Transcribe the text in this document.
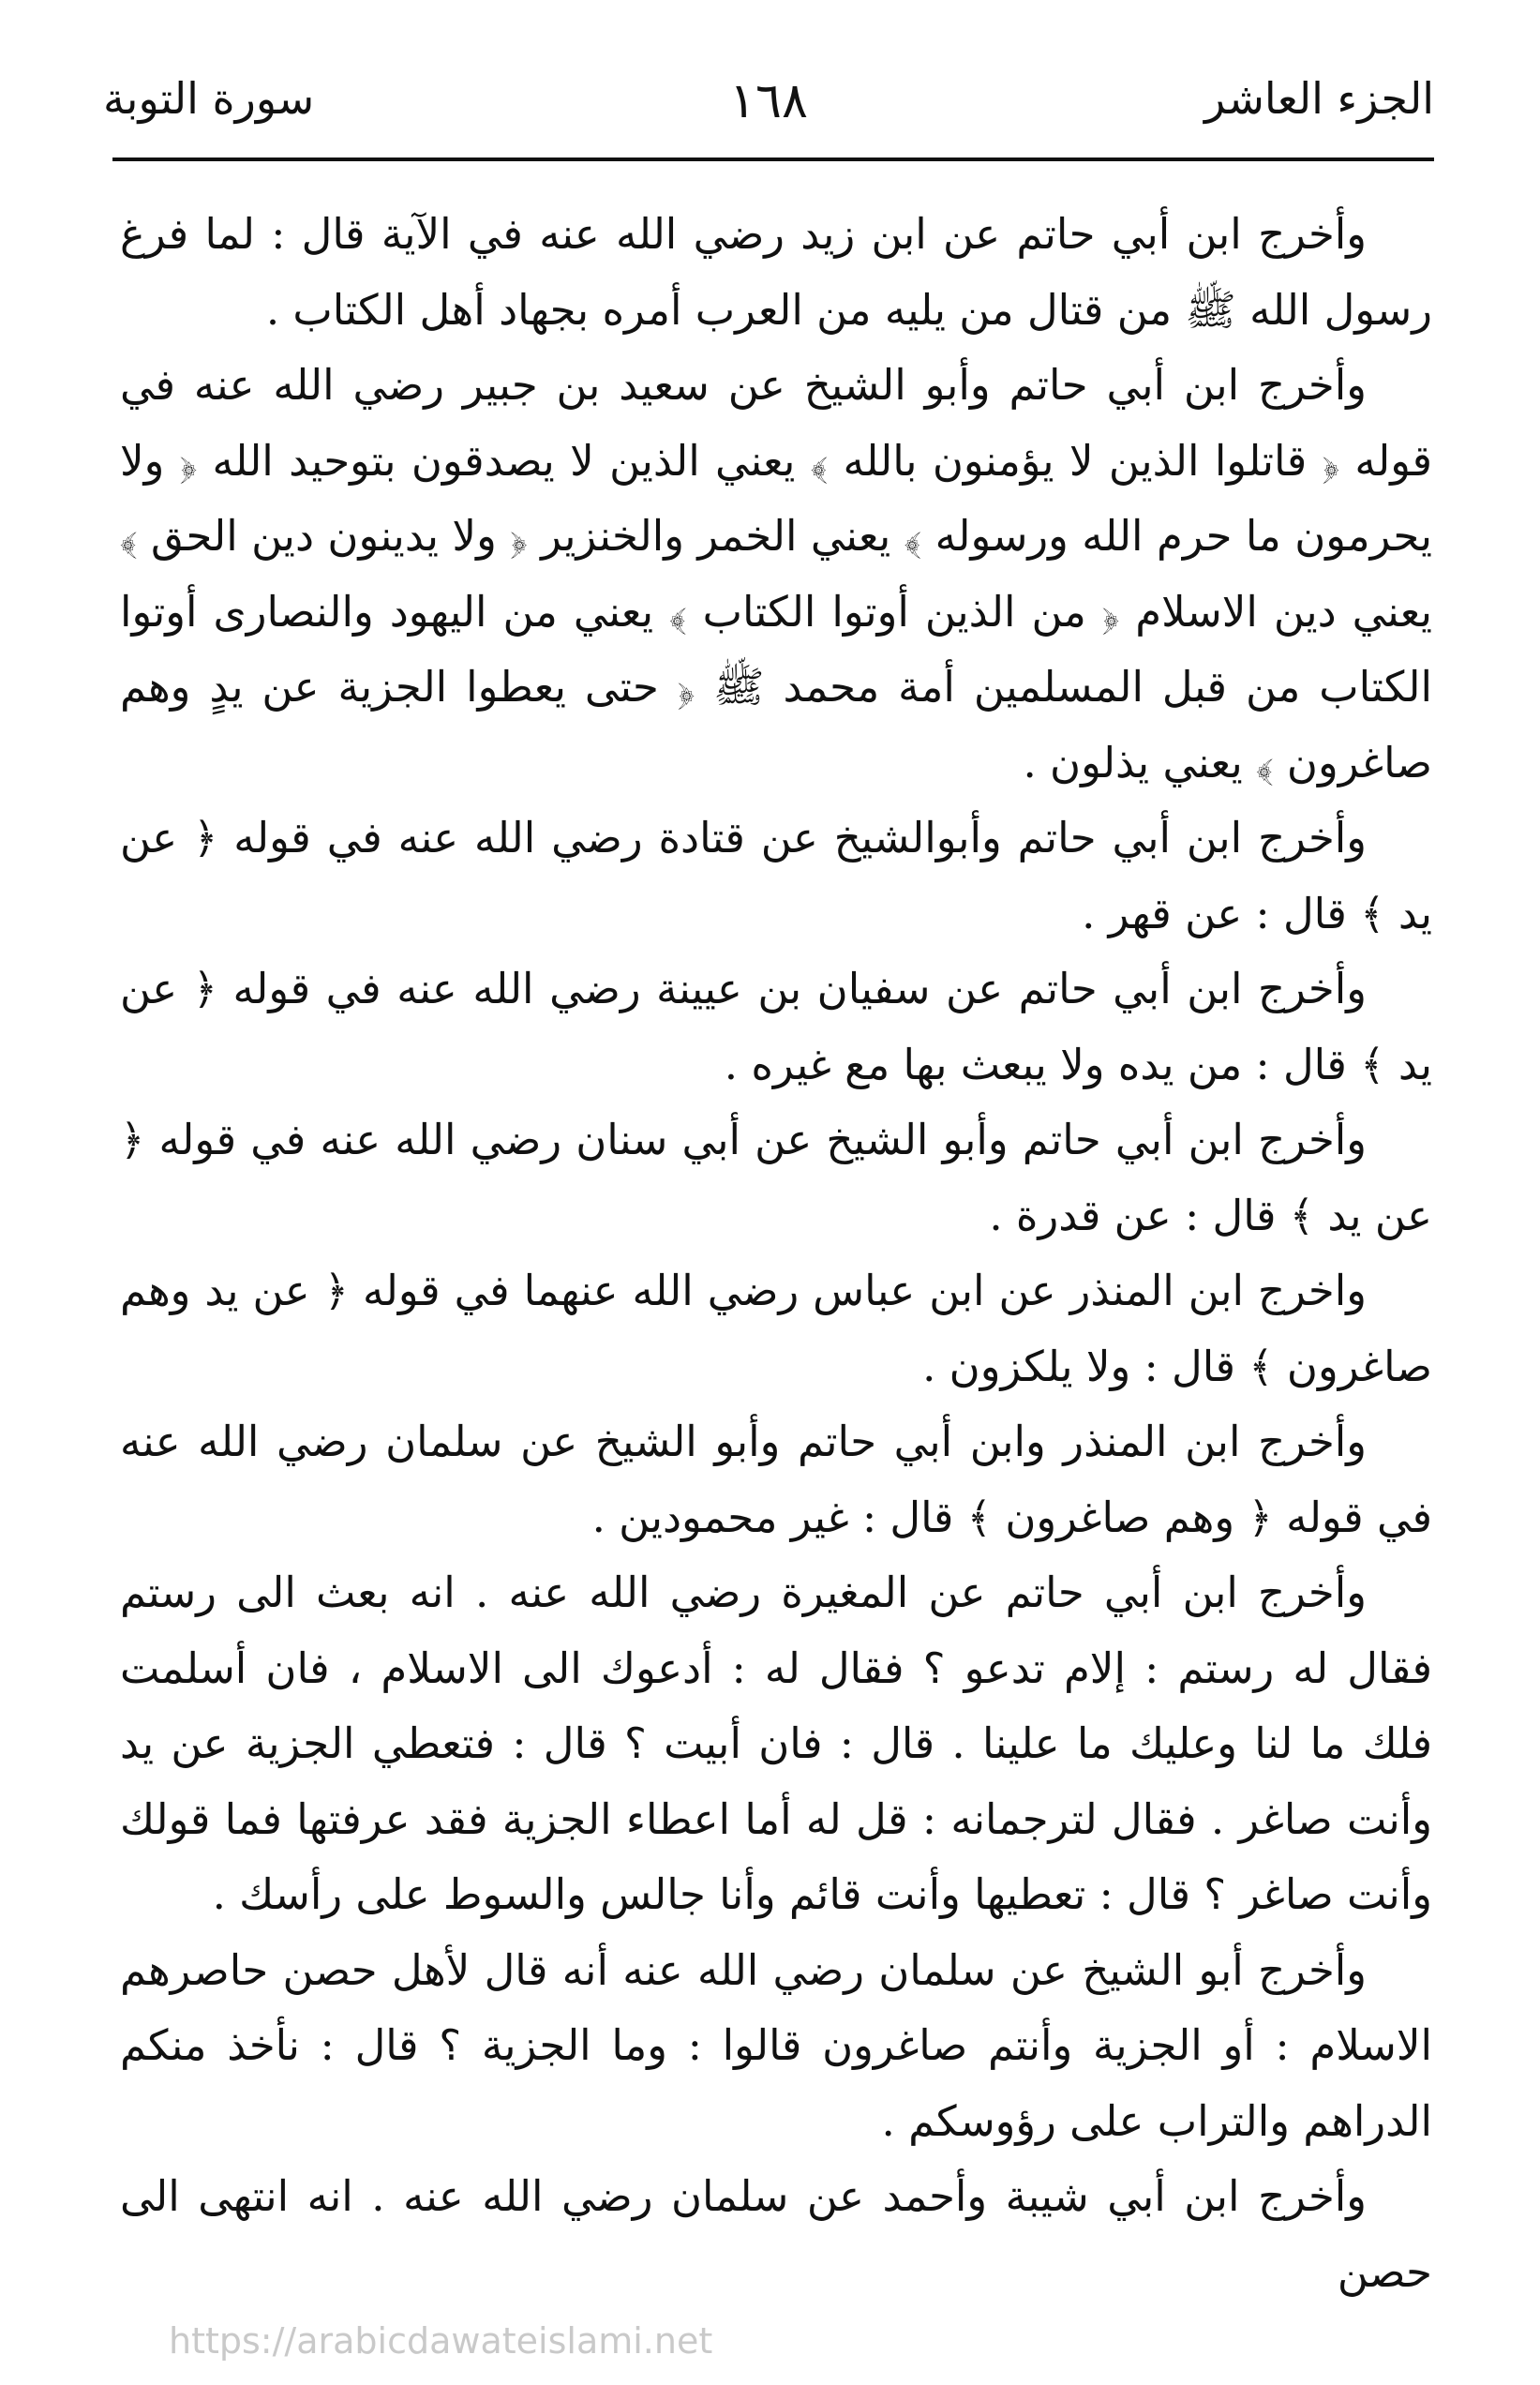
الجزء العاشر
١٦٨
سورة التوبة

وأخرج ابن أبي حاتم عن ابن زيد رضي الله عنه في الآية قال : لما فرغ رسول الله ﷺ من قتال من يليه من العرب أمره بجهاد أهل الكتاب .

وأخرج ابن أبي حاتم وأبو الشيخ عن سعيد بن جبير رضي الله عنه في قوله ﴿ قاتلوا الذين لا يؤمنون بالله ﴾ يعني الذين لا يصدقون بتوحيد الله ﴿ ولا يحرمون ما حرم الله ورسوله ﴾ يعني الخمر والخنزير ﴿ ولا يدينون دين الحق ﴾ يعني دين الاسلام ﴿ من الذين أوتوا الكتاب ﴾ يعني من اليهود والنصارى أوتوا الكتاب من قبل المسلمين أمة محمد ﷺ ﴿ حتى يعطوا الجزية عن يدٍ وهم صاغرون ﴾ يعني يذلون .

وأخرج ابن أبي حاتم وأبوالشيخ عن قتادة رضي الله عنه في قوله ﴿ عن يد ﴾ قال : عن قهر .

وأخرج ابن أبي حاتم عن سفيان بن عيينة رضي الله عنه في قوله ﴿ عن يد ﴾ قال : من يده ولا يبعث بها مع غيره .

وأخرج ابن أبي حاتم وأبو الشيخ عن أبي سنان رضي الله عنه في قوله ﴿ عن يد ﴾ قال : عن قدرة .

واخرج ابن المنذر عن ابن عباس رضي الله عنهما في قوله ﴿ عن يد وهم صاغرون ﴾ قال : ولا يلكزون .

وأخرج ابن المنذر وابن أبي حاتم وأبو الشيخ عن سلمان رضي الله عنه في قوله ﴿ وهم صاغرون ﴾ قال : غير محمودين .

وأخرج ابن أبي حاتم عن المغيرة رضي الله عنه . انه بعث الى رستم فقال له رستم : إلام تدعو ؟ فقال له : أدعوك الى الاسلام ، فان أسلمت فلك ما لنا وعليك ما علينا . قال : فان أبيت ؟ قال : فتعطي الجزية عن يد وأنت صاغر . فقال لترجمانه : قل له أما اعطاء الجزية فقد عرفتها فما قولك وأنت صاغر ؟ قال : تعطيها وأنت قائم وأنا جالس والسوط على رأسك .

وأخرج أبو الشيخ عن سلمان رضي الله عنه أنه قال لأهل حصن حاصرهم الاسلام : أو الجزية وأنتم صاغرون قالوا : وما الجزية ؟ قال : نأخذ منكم الدراهم والتراب على رؤوسكم .

وأخرج ابن أبي شيبة وأحمد عن سلمان رضي الله عنه . انه انتهى الى حصن

https://arabicdawateislami.net
